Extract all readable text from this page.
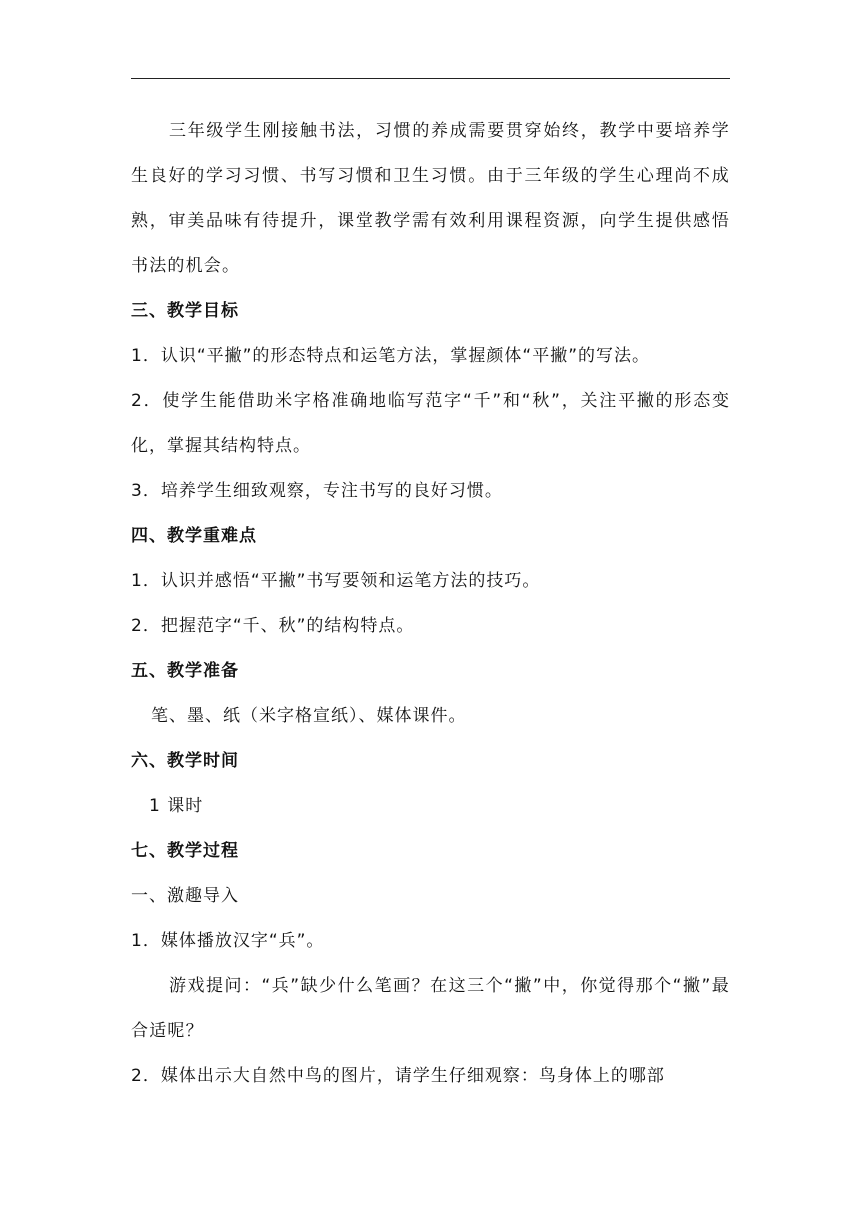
三年级学生刚接触书法，习惯的养成需要贯穿始终，教学中要培养学生良好的学习习惯、书写习惯和卫生习惯。由于三年级的学生心理尚不成熟，审美品味有待提升，课堂教学需有效利用课程资源，向学生提供感悟书法的机会。

三、教学目标

1．认识“平撇”的形态特点和运笔方法，掌握颜体“平撇”的写法。

2．使学生能借助米字格准确地临写范字“千”和“秋”，关注平撇的形态变化，掌握其结构特点。

3．培养学生细致观察，专注书写的良好习惯。

四、教学重难点

1．认识并感悟“平撇”书写要领和运笔方法的技巧。

2．把握范字“千、秋”的结构特点。

五、教学准备

笔、墨、纸（米字格宣纸）、媒体课件。

六、教学时间

1 课时

七、教学过程

一、激趣导入

1．媒体播放汉字“兵”。

游戏提问：“兵”缺少什么笔画？在这三个“撇”中，你觉得那个“撇”最合适呢？

2．媒体出示大自然中鸟的图片，请学生仔细观察：鸟身体上的哪部
